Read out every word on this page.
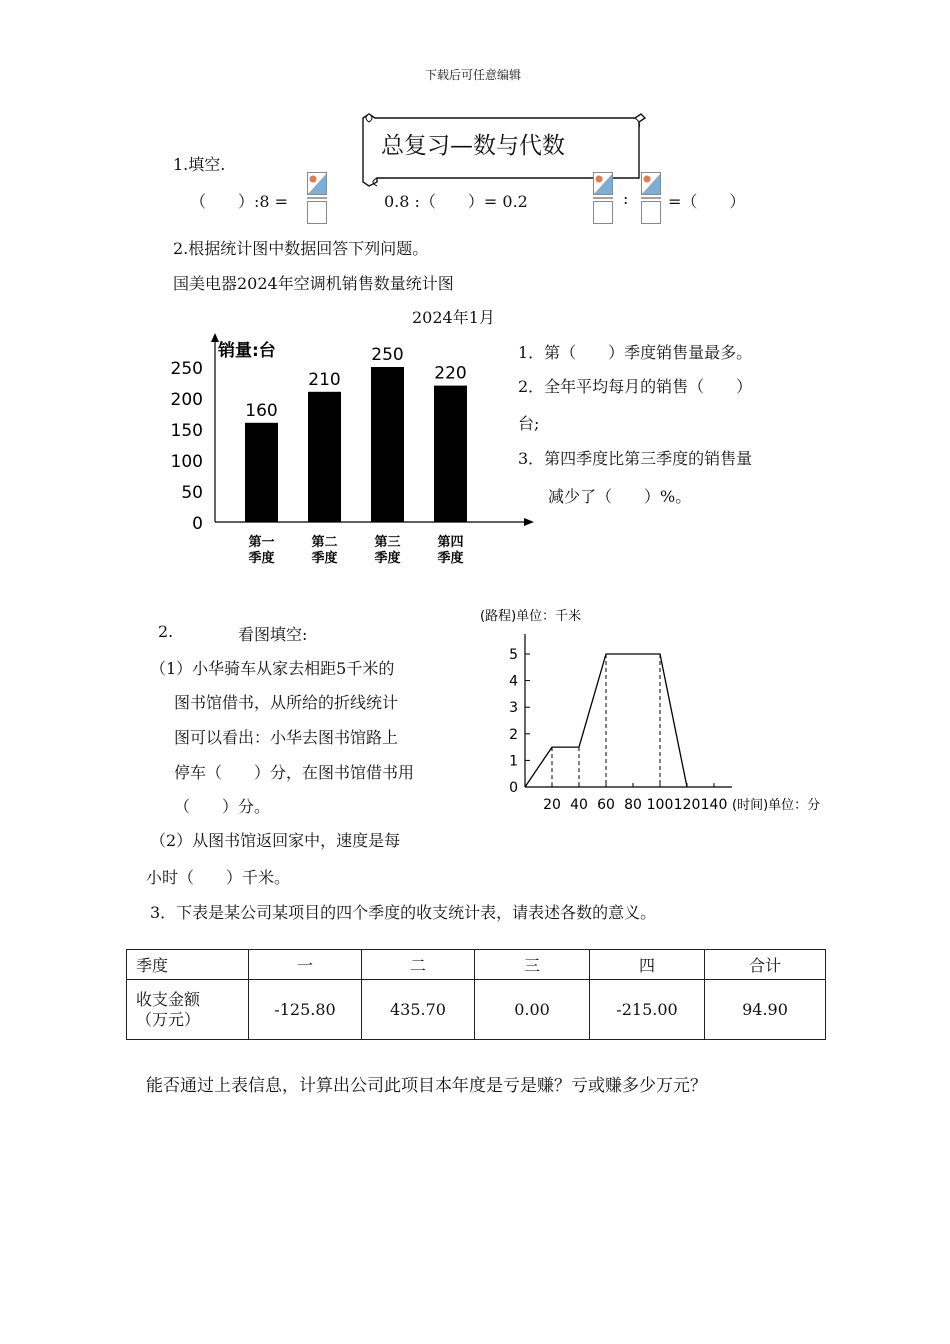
下载后可任意编辑
总复习—数与代数
1.填空.
（　　）:8 =	0.8 :（　　）= 0.2	: =（　　）
2.根据统计图中数据回答下列问题。
国美电器2024年空调机销售数量统计图
2024年1月
销量:台
0
50
100
150
200
250
160
210
250
220
第一
季度
第二
季度
第三
季度
第四
季度
1．第（　　）季度销售量最多。
2．全年平均每月的销售（　　）
台;
3．第四季度比第三季度的销售量
减少了（　　）%。
2.	看图填空:
（1）小华骑车从家去相距5千米的
图书馆借书，从所给的折线统计
图可以看出：小华去图书馆路上
停车（　　）分，在图书馆借书用
（　　）分。
（2）从图书馆返回家中，速度是每
小时（　　）千米。
(路程)单位：千米
0
1
2
3
4
5
20 40 60 80 100 120 140 (时间)单位：分
3．下表是某公司某项目的四个季度的收支统计表，请表述各数的意义。
季度	一	二	三	四	合计

收支金额
（万元）	-125.80	435.70	0.00	-215.00	94.90
能否通过上表信息，计算出公司此项目本年度是亏是赚？亏或赚多少万元？
